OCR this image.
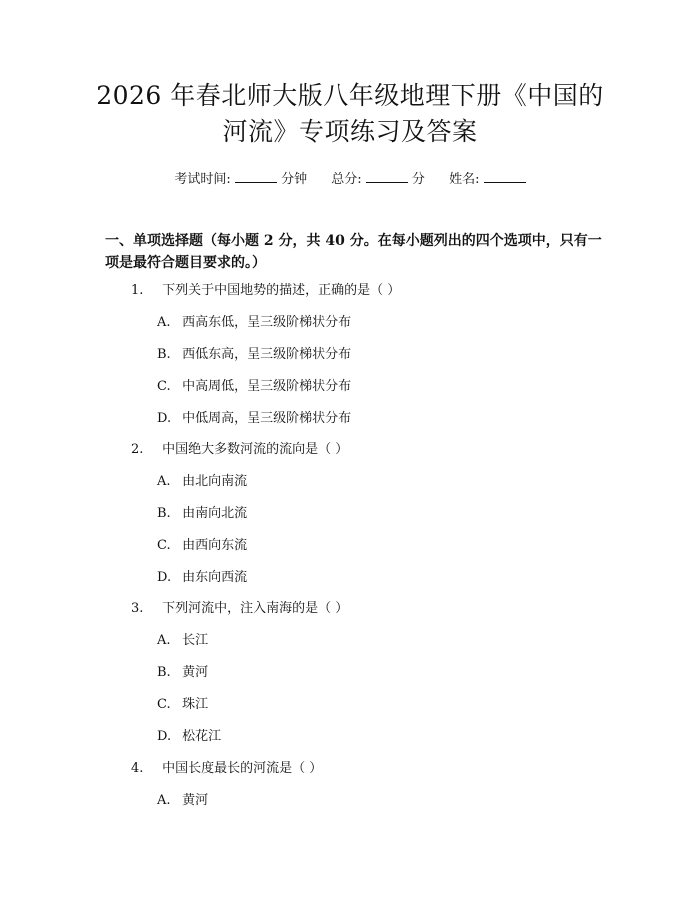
2026 年春北师大版八年级地理下册《中国的
河流》专项练习及答案
考试时间:	分钟 总分:	分 姓名:
一、单项选择题（每小题 2 分，共 40 分。在每小题列出的四个选项中，只有一项是最符合题目要求的。）
1. 下列关于中国地势的描述，正确的是（ ）
A. 西高东低，呈三级阶梯状分布
B. 西低东高，呈三级阶梯状分布
C. 中高周低，呈三级阶梯状分布
D. 中低周高，呈三级阶梯状分布
2. 中国绝大多数河流的流向是（ ）
A. 由北向南流
B. 由南向北流
C. 由西向东流
D. 由东向西流
3. 下列河流中，注入南海的是（ ）
A. 长江
B. 黄河
C. 珠江
D. 松花江
4. 中国长度最长的河流是（ ）
A. 黄河
